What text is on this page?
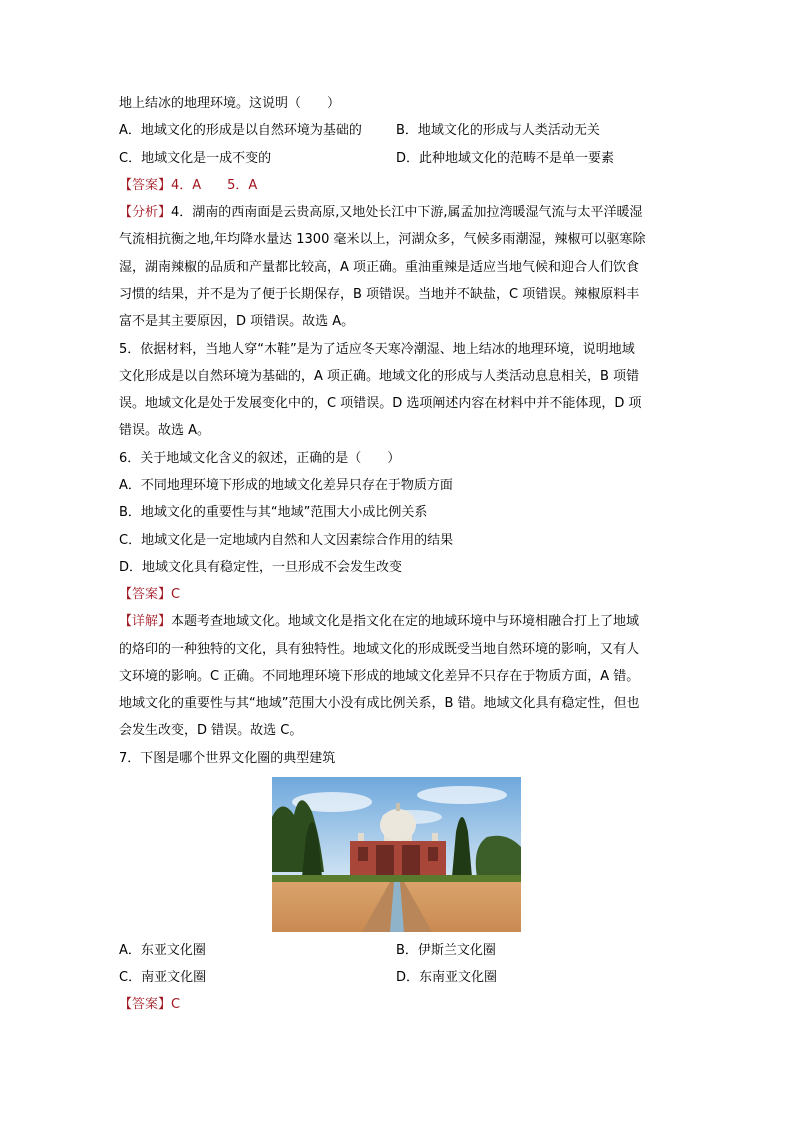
地上结冰的地理环境。这说明（　　）
A．地域文化的形成是以自然环境为基础的	B．地域文化的形成与人类活动无关
C．地域文化是一成不变的	D．此种地域文化的范畴不是单一要素
【答案】4．A　　5．A
【分析】4．湖南的西南面是云贵高原,又地处长江中下游,属孟加拉湾暖湿气流与太平洋暖湿
气流相抗衡之地,年均降水量达 1300 毫米以上，河湖众多，气候多雨潮湿，辣椒可以驱寒除
湿，湖南辣椒的品质和产量都比较高，A 项正确。重油重辣是适应当地气候和迎合人们饮食
习惯的结果，并不是为了便于长期保存，B 项错误。当地并不缺盐，C 项错误。辣椒原料丰
富不是其主要原因，D 项错误。故选 A。
5．依据材料，当地人穿“木鞋”是为了适应冬天寒冷潮湿、地上结冰的地理环境，说明地域
文化形成是以自然环境为基础的，A 项正确。地域文化的形成与人类活动息息相关，B 项错
误。地域文化是处于发展变化中的，C 项错误。D 选项阐述内容在材料中并不能体现，D 项
错误。故选 A。
6．关于地域文化含义的叙述，正确的是（　　）
A．不同地理环境下形成的地域文化差异只存在于物质方面
B．地域文化的重要性与其“地域”范围大小成比例关系
C．地域文化是一定地域内自然和人文因素综合作用的结果
D．地域文化具有稳定性，一旦形成不会发生改变
【答案】C
【详解】本题考查地域文化。地域文化是指文化在定的地域环境中与环境相融合打上了地域
的烙印的一种独特的文化，具有独特性。地域文化的形成既受当地自然环境的影响，又有人
文环境的影响。C 正确。不同地理环境下形成的地域文化差异不只存在于物质方面，A 错。
地域文化的重要性与其“地域”范围大小没有成比例关系，B 错。地域文化具有稳定性，但也
会发生改变，D 错误。故选 C。
7．下图是哪个世界文化圈的典型建筑
A．东亚文化圈	B．伊斯兰文化圈
C．南亚文化圈	D．东南亚文化圈
【答案】C
